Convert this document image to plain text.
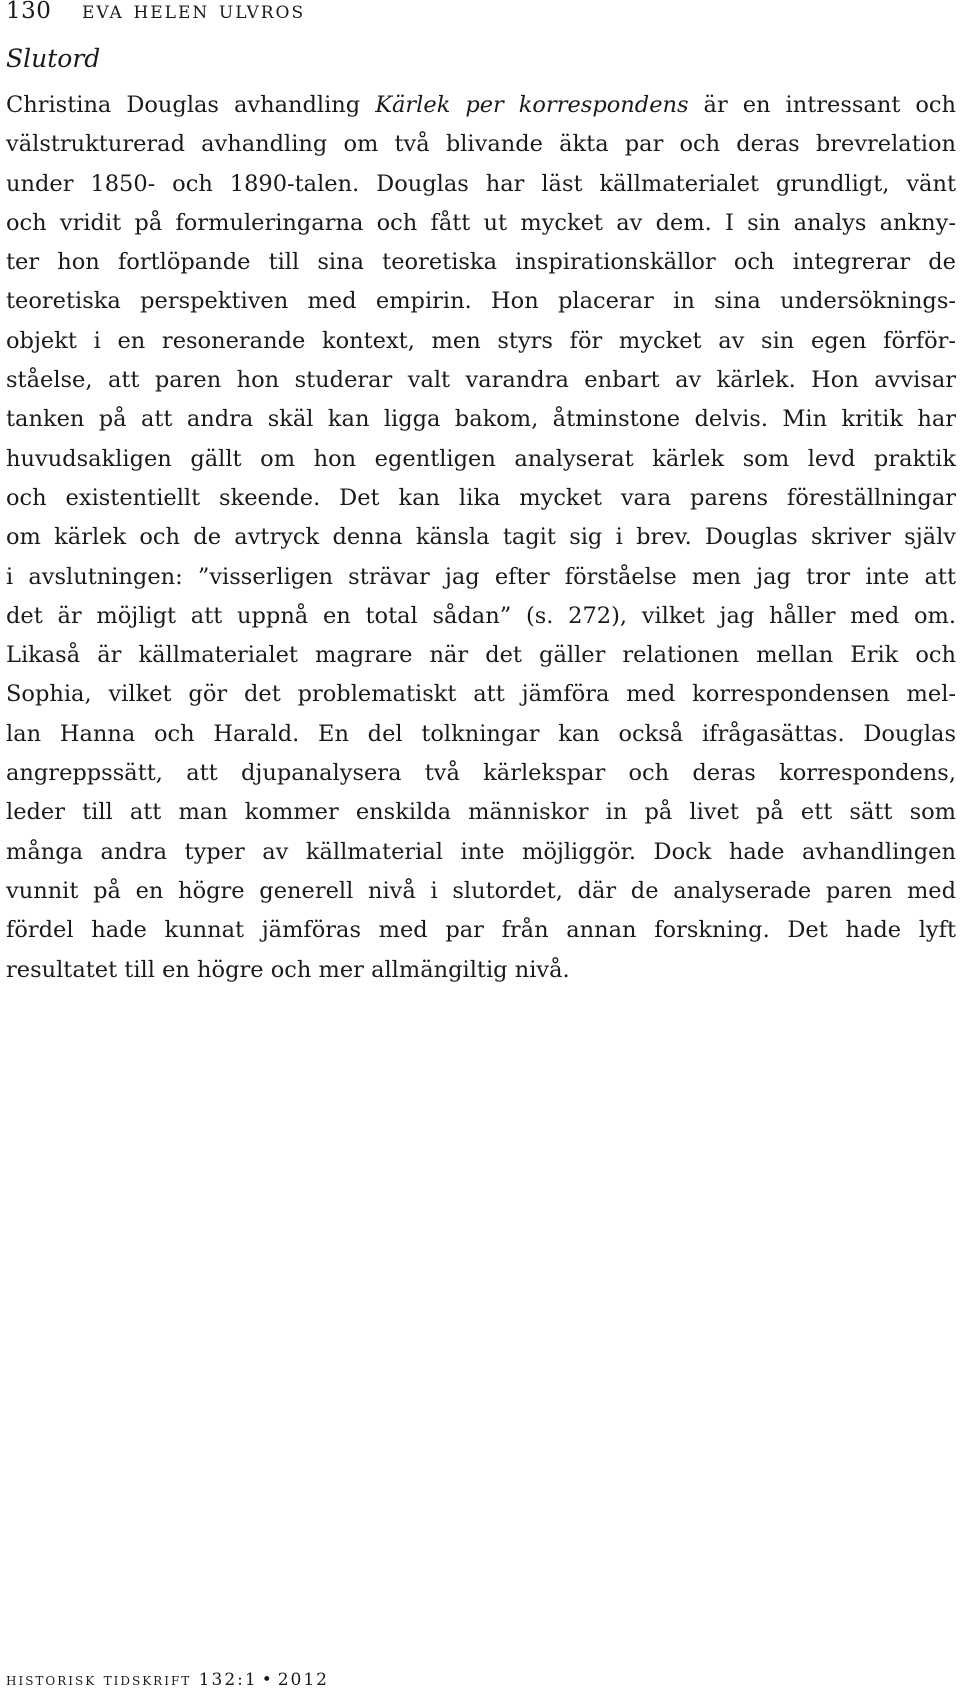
130 eva helen ulvros
Slutord
Christina Douglas avhandling Kärlek per korrespondens är en intressant och
välstrukturerad avhandling om två blivande äkta par och deras brevrelation
under 1850- och 1890-talen. Douglas har läst källmaterialet grundligt, vänt
och vridit på formuleringarna och fått ut mycket av dem. I sin analys ankny-
ter hon fortlöpande till sina teoretiska inspirationskällor och integrerar de
teoretiska perspektiven med empirin. Hon placerar in sina undersöknings-
objekt i en resonerande kontext, men styrs för mycket av sin egen förför-
ståelse, att paren hon studerar valt varandra enbart av kärlek. Hon avvisar
tanken på att andra skäl kan ligga bakom, åtminstone delvis. Min kritik har
huvudsakligen gällt om hon egentligen analyserat kärlek som levd praktik
och existentiellt skeende. Det kan lika mycket vara parens föreställningar
om kärlek och de avtryck denna känsla tagit sig i brev. Douglas skriver själv
i avslutningen: ”visserligen strävar jag efter förståelse men jag tror inte att
det är möjligt att uppnå en total sådan” (s. 272), vilket jag håller med om.
Likaså är källmaterialet magrare när det gäller relationen mellan Erik och
Sophia, vilket gör det problematiskt att jämföra med korrespondensen mel-
lan Hanna och Harald. En del tolkningar kan också ifrågasättas. Douglas
angreppssätt, att djupanalysera två kärlekspar och deras korrespondens,
leder till att man kommer enskilda människor in på livet på ett sätt som
många andra typer av källmaterial inte möjliggör. Dock hade avhandlingen
vunnit på en högre generell nivå i slutordet, där de analyserade paren med
fördel hade kunnat jämföras med par från annan forskning. Det hade lyft
resultatet till en högre och mer allmängiltig nivå.
historisk tidskrift 132:1 • 2012
